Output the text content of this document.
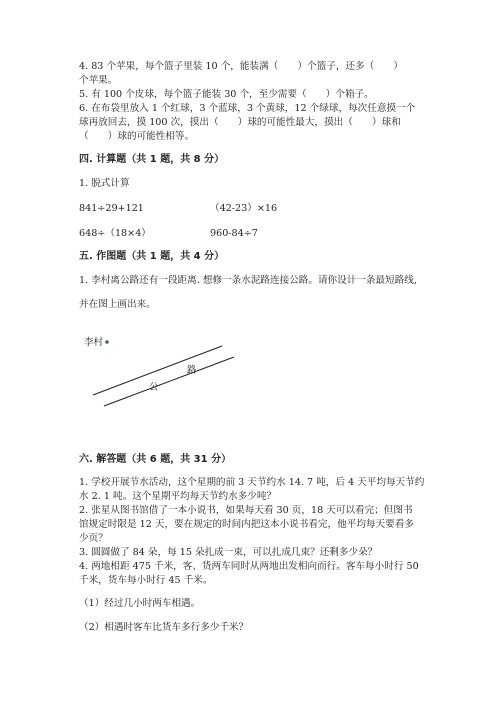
4. 83 个苹果，每个篮子里装 10 个，能装满（　　）个篮子，还多（　　）
个苹果。
5. 有 100 个皮球，每个篮子能装 30 个，至少需要（　　）个箱子。
6. 在布袋里放入 1 个红球，3 个蓝球，3 个黄球，12 个绿球，每次任意摸一个
球再放回去，摸 100 次，摸出（　　）球的可能性最大，摸出（　　）球和
（　　）球的可能性相等。
四. 计算题（共 1 题，共 8 分）
1. 脱式计算
841÷29+121	（42-23）×16
648÷（18×4）	960-84÷7
五. 作图题（共 1 题，共 4 分）
1. 李村离公路还有一段距离. 想修一条水泥路连接公路。请你设计一条最短路线,
并在图上画出来。
李村
路
公
六. 解答题（共 6 题，共 31 分）
1. 学校开展节水活动，这个星期的前 3 天节约水 14. 7 吨，后 4 天平均每天节约
水 2. 1 吨。这个星期平均每天节约水多少吨？
2. 张星从图书馆借了一本小说书，如果每天看 30 页，18 天可以看完；但图书
馆规定时限是 12 天，要在规定的时间内把这本小说书看完，他平均每天要看多
少页？
3. 圆圆做了 84 朵，每 15 朵扎成一束，可以扎成几束？还剩多少朵？
4. 两地相距 475 千米，客、货两车同时从两地出发相向而行。客车每小时行 50
千米，货车每小时行 45 千米。
（1）经过几小时两车相遇。
（2）相遇时客车比货车多行多少千米？
